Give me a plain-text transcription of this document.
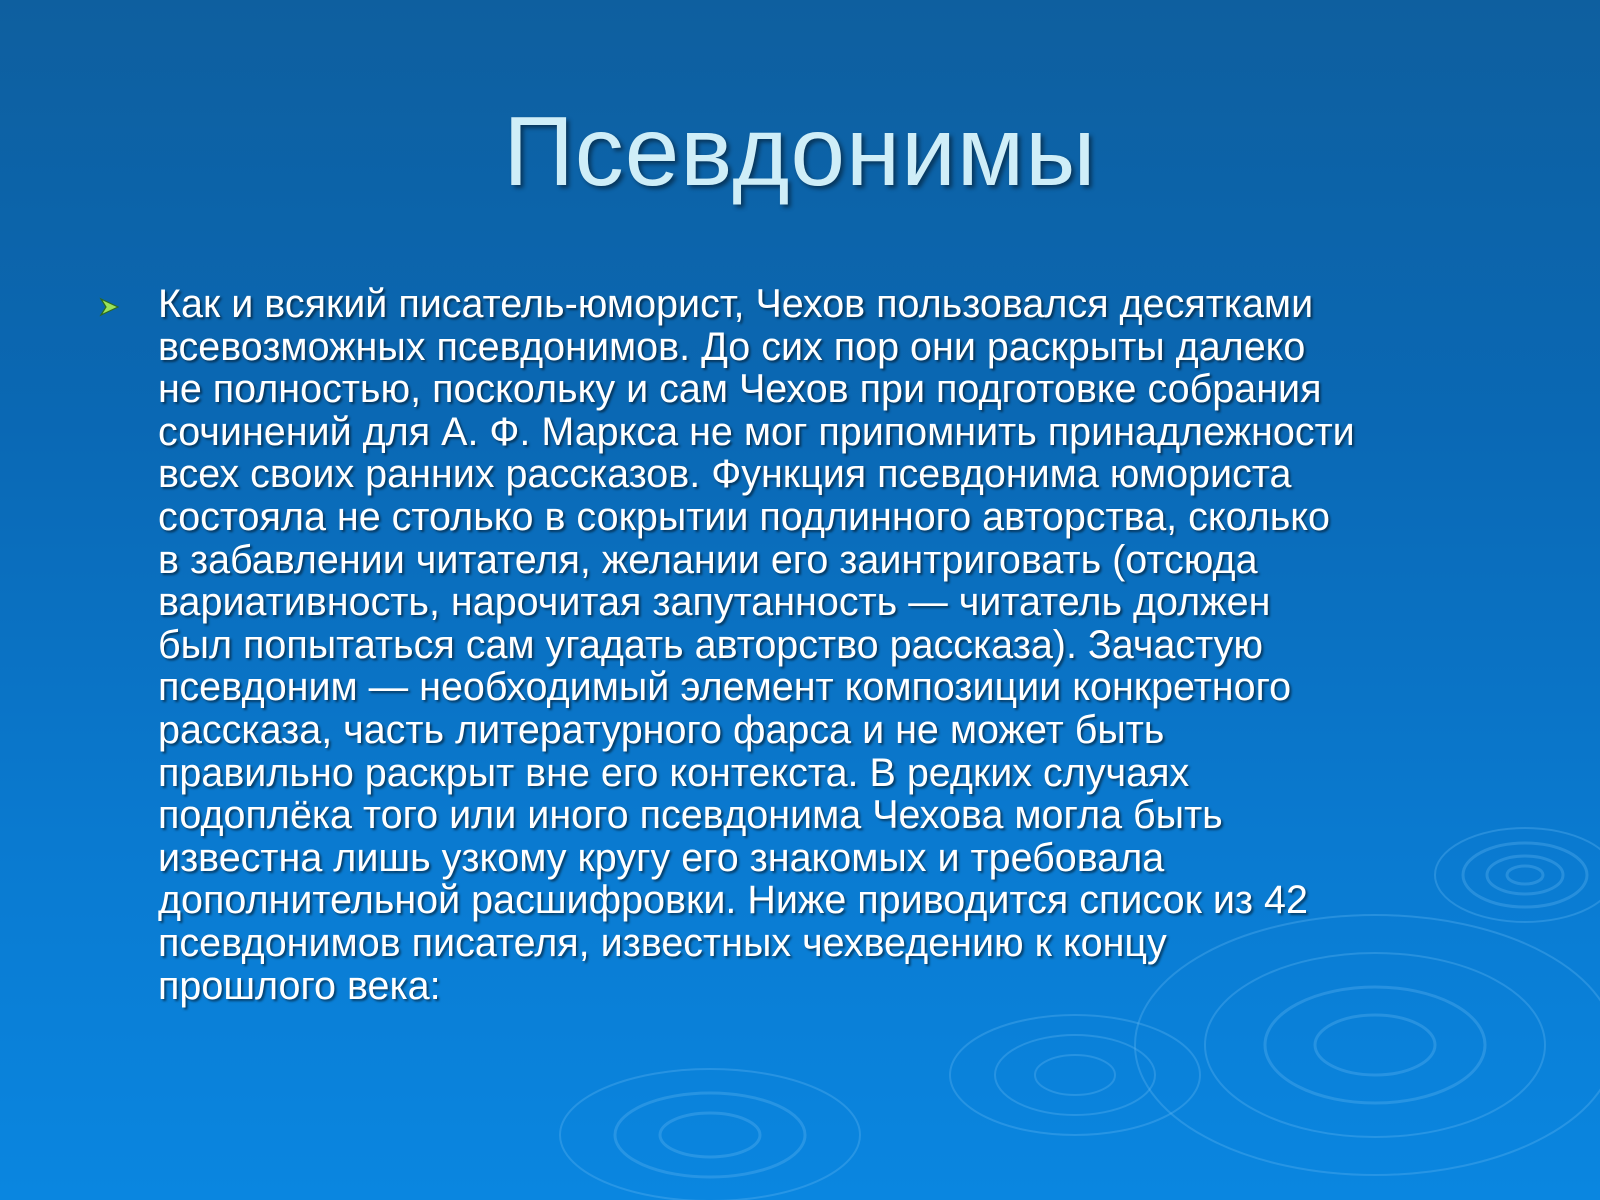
Псевдонимы

Как и всякий писатель-юморист, Чехов пользовался десятками
всевозможных псевдонимов. До сих пор они раскрыты далеко
не полностью, поскольку и сам Чехов при подготовке собрания
сочинений для А. Ф. Маркса не мог припомнить принадлежности
всех своих ранних рассказов. Функция псевдонима юмориста
состояла не столько в сокрытии подлинного авторства, сколько
в забавлении читателя, желании его заинтриговать (отсюда
вариативность, нарочитая запутанность — читатель должен
был попытаться сам угадать авторство рассказа). Зачастую
псевдоним — необходимый элемент композиции конкретного
рассказа, часть литературного фарса и не может быть
правильно раскрыт вне его контекста. В редких случаях
подоплёка того или иного псевдонима Чехова могла быть
известна лишь узкому кругу его знакомых и требовала
дополнительной расшифровки. Ниже приводится список из 42
псевдонимов писателя, известных чехведению к концу
прошлого века:
